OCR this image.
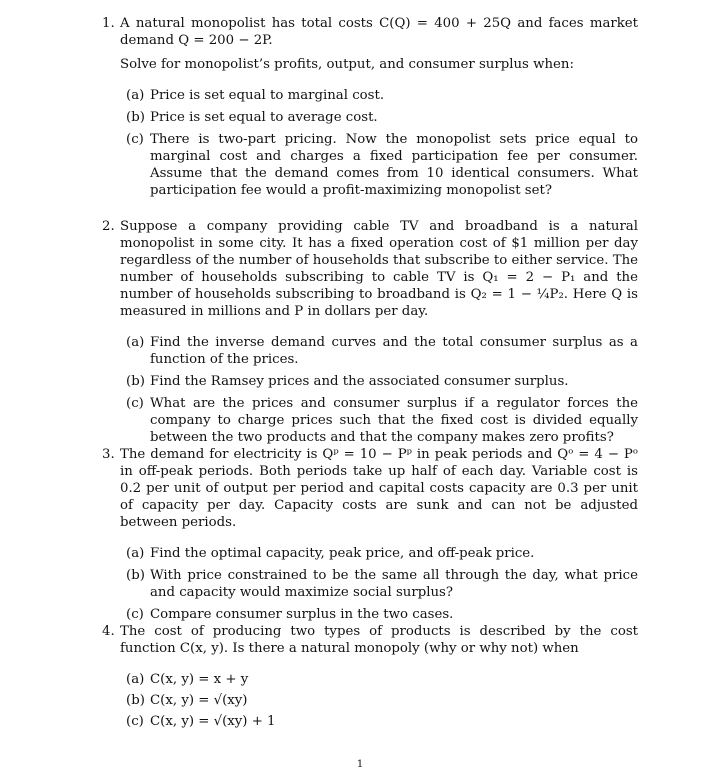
1. A natural monopolist has total costs C(Q) = 400 + 25Q and faces market demand Q = 200 − 2P.

Solve for monopolist’s profits, output, and consumer surplus when:

(a) Price is set equal to marginal cost.
(b) Price is set equal to average cost.
(c) There is two-part pricing. Now the monopolist sets price equal to marginal cost and charges a fixed participation fee per consumer. Assume that the demand comes from 10 identical consumers. What participation fee would a profit-maximizing monopolist set?
2. Suppose a company providing cable TV and broadband is a natural monopolist in some city. It has a fixed operation cost of $1 million per day regardless of the number of households that subscribe to either service. The number of households subscribing to cable TV is Q₁ = 2 − P₁ and the number of households subscribing to broadband is Q₂ = 1 − ¼P₂. Here Q is measured in millions and P in dollars per day.

(a) Find the inverse demand curves and the total consumer surplus as a function of the prices.
(b) Find the Ramsey prices and the associated consumer surplus.
(c) What are the prices and consumer surplus if a regulator forces the company to charge prices such that the fixed cost is divided equally between the two products and that the company makes zero profits?
3. The demand for electricity is Qᵖ = 10 − Pᵖ in peak periods and Qᵒ = 4 − Pᵒ in off-peak periods. Both periods take up half of each day. Variable cost is 0.2 per unit of output per period and capital costs capacity are 0.3 per unit of capacity per day. Capacity costs are sunk and can not be adjusted between periods.

(a) Find the optimal capacity, peak price, and off-peak price.
(b) With price constrained to be the same all through the day, what price and capacity would maximize social surplus?
(c) Compare consumer surplus in the two cases.
4. The cost of producing two types of products is described by the cost function C(x, y). Is there a natural monopoly (why or why not) when

(a) C(x, y) = x + y
(b) C(x, y) = √(xy)
(c) C(x, y) = √(xy) + 1
1
